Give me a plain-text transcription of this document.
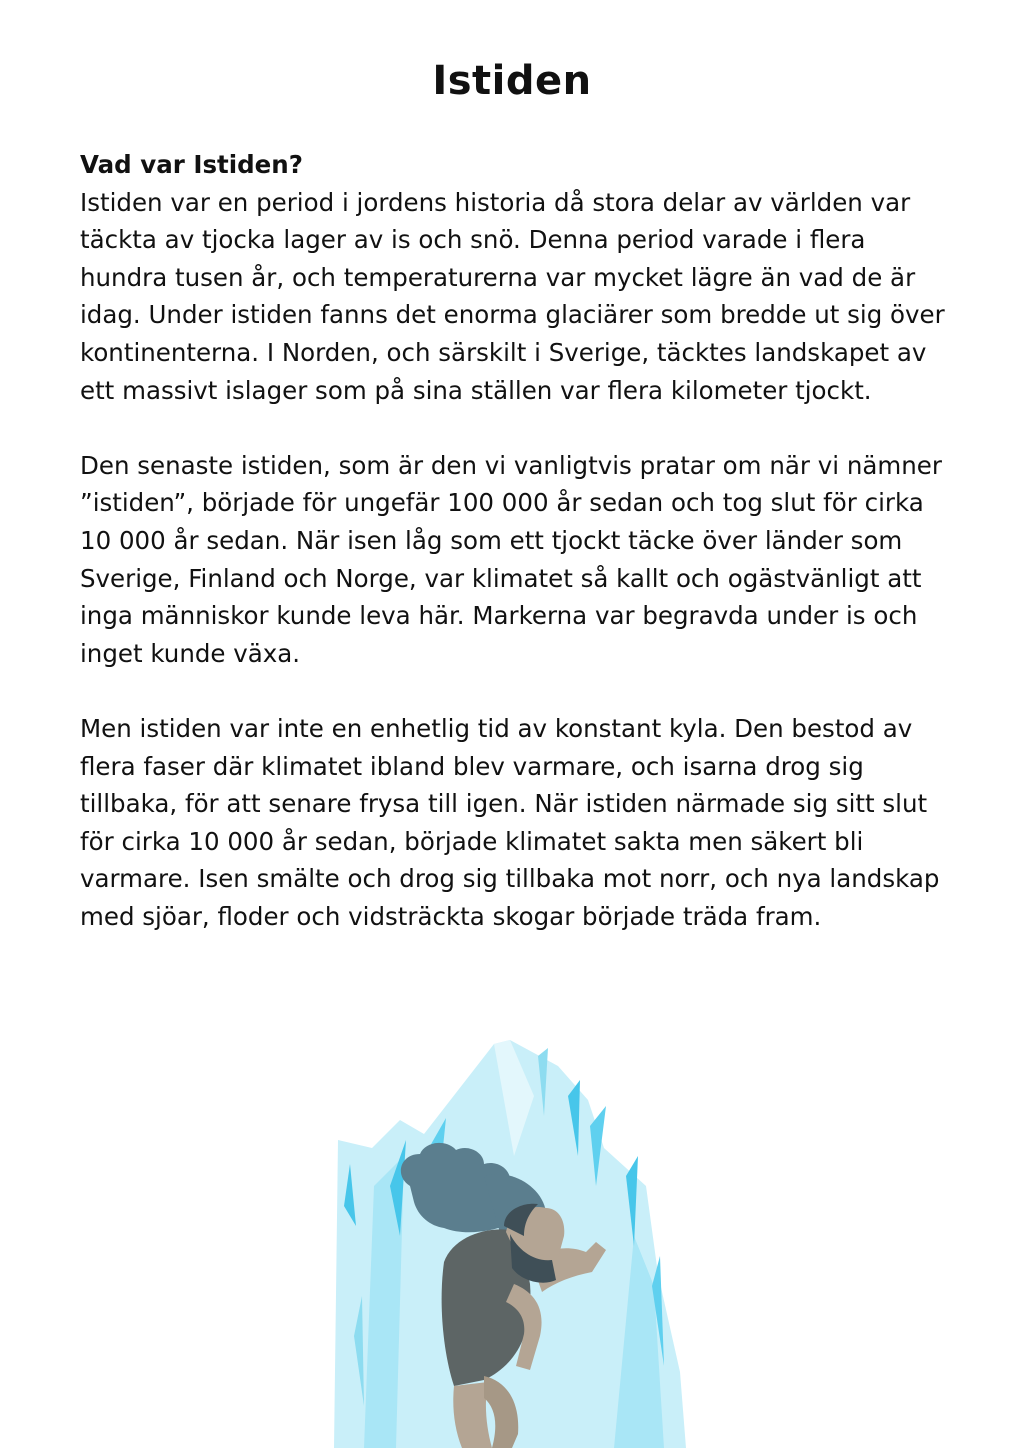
Istiden

Vad var Istiden?
Istiden var en period i jordens historia då stora delar av världen var täckta av tjocka lager av is och snö. Denna period varade i flera hundra tusen år, och temperaturerna var mycket lägre än vad de är idag. Under istiden fanns det enorma glaciärer som bredde ut sig över kontinenterna. I Norden, och särskilt i Sverige, täcktes landskapet av ett massivt islager som på sina ställen var flera kilometer tjockt.

Den senaste istiden, som är den vi vanligtvis pratar om när vi nämner ”istiden”, började för ungefär 100 000 år sedan och tog slut för cirka 10 000 år sedan. När isen låg som ett tjockt täcke över länder som Sverige, Finland och Norge, var klimatet så kallt och ogästvänligt att inga människor kunde leva här. Markerna var begravda under is och inget kunde växa.

Men istiden var inte en enhetlig tid av konstant kyla. Den bestod av flera faser där klimatet ibland blev varmare, och isarna drog sig tillbaka, för att senare frysa till igen. När istiden närmade sig sitt slut för cirka 10 000 år sedan, började klimatet sakta men säkert bli varmare. Isen smälte och drog sig tillbaka mot norr, och nya landskap med sjöar, floder och vidsträckta skogar började träda fram.
